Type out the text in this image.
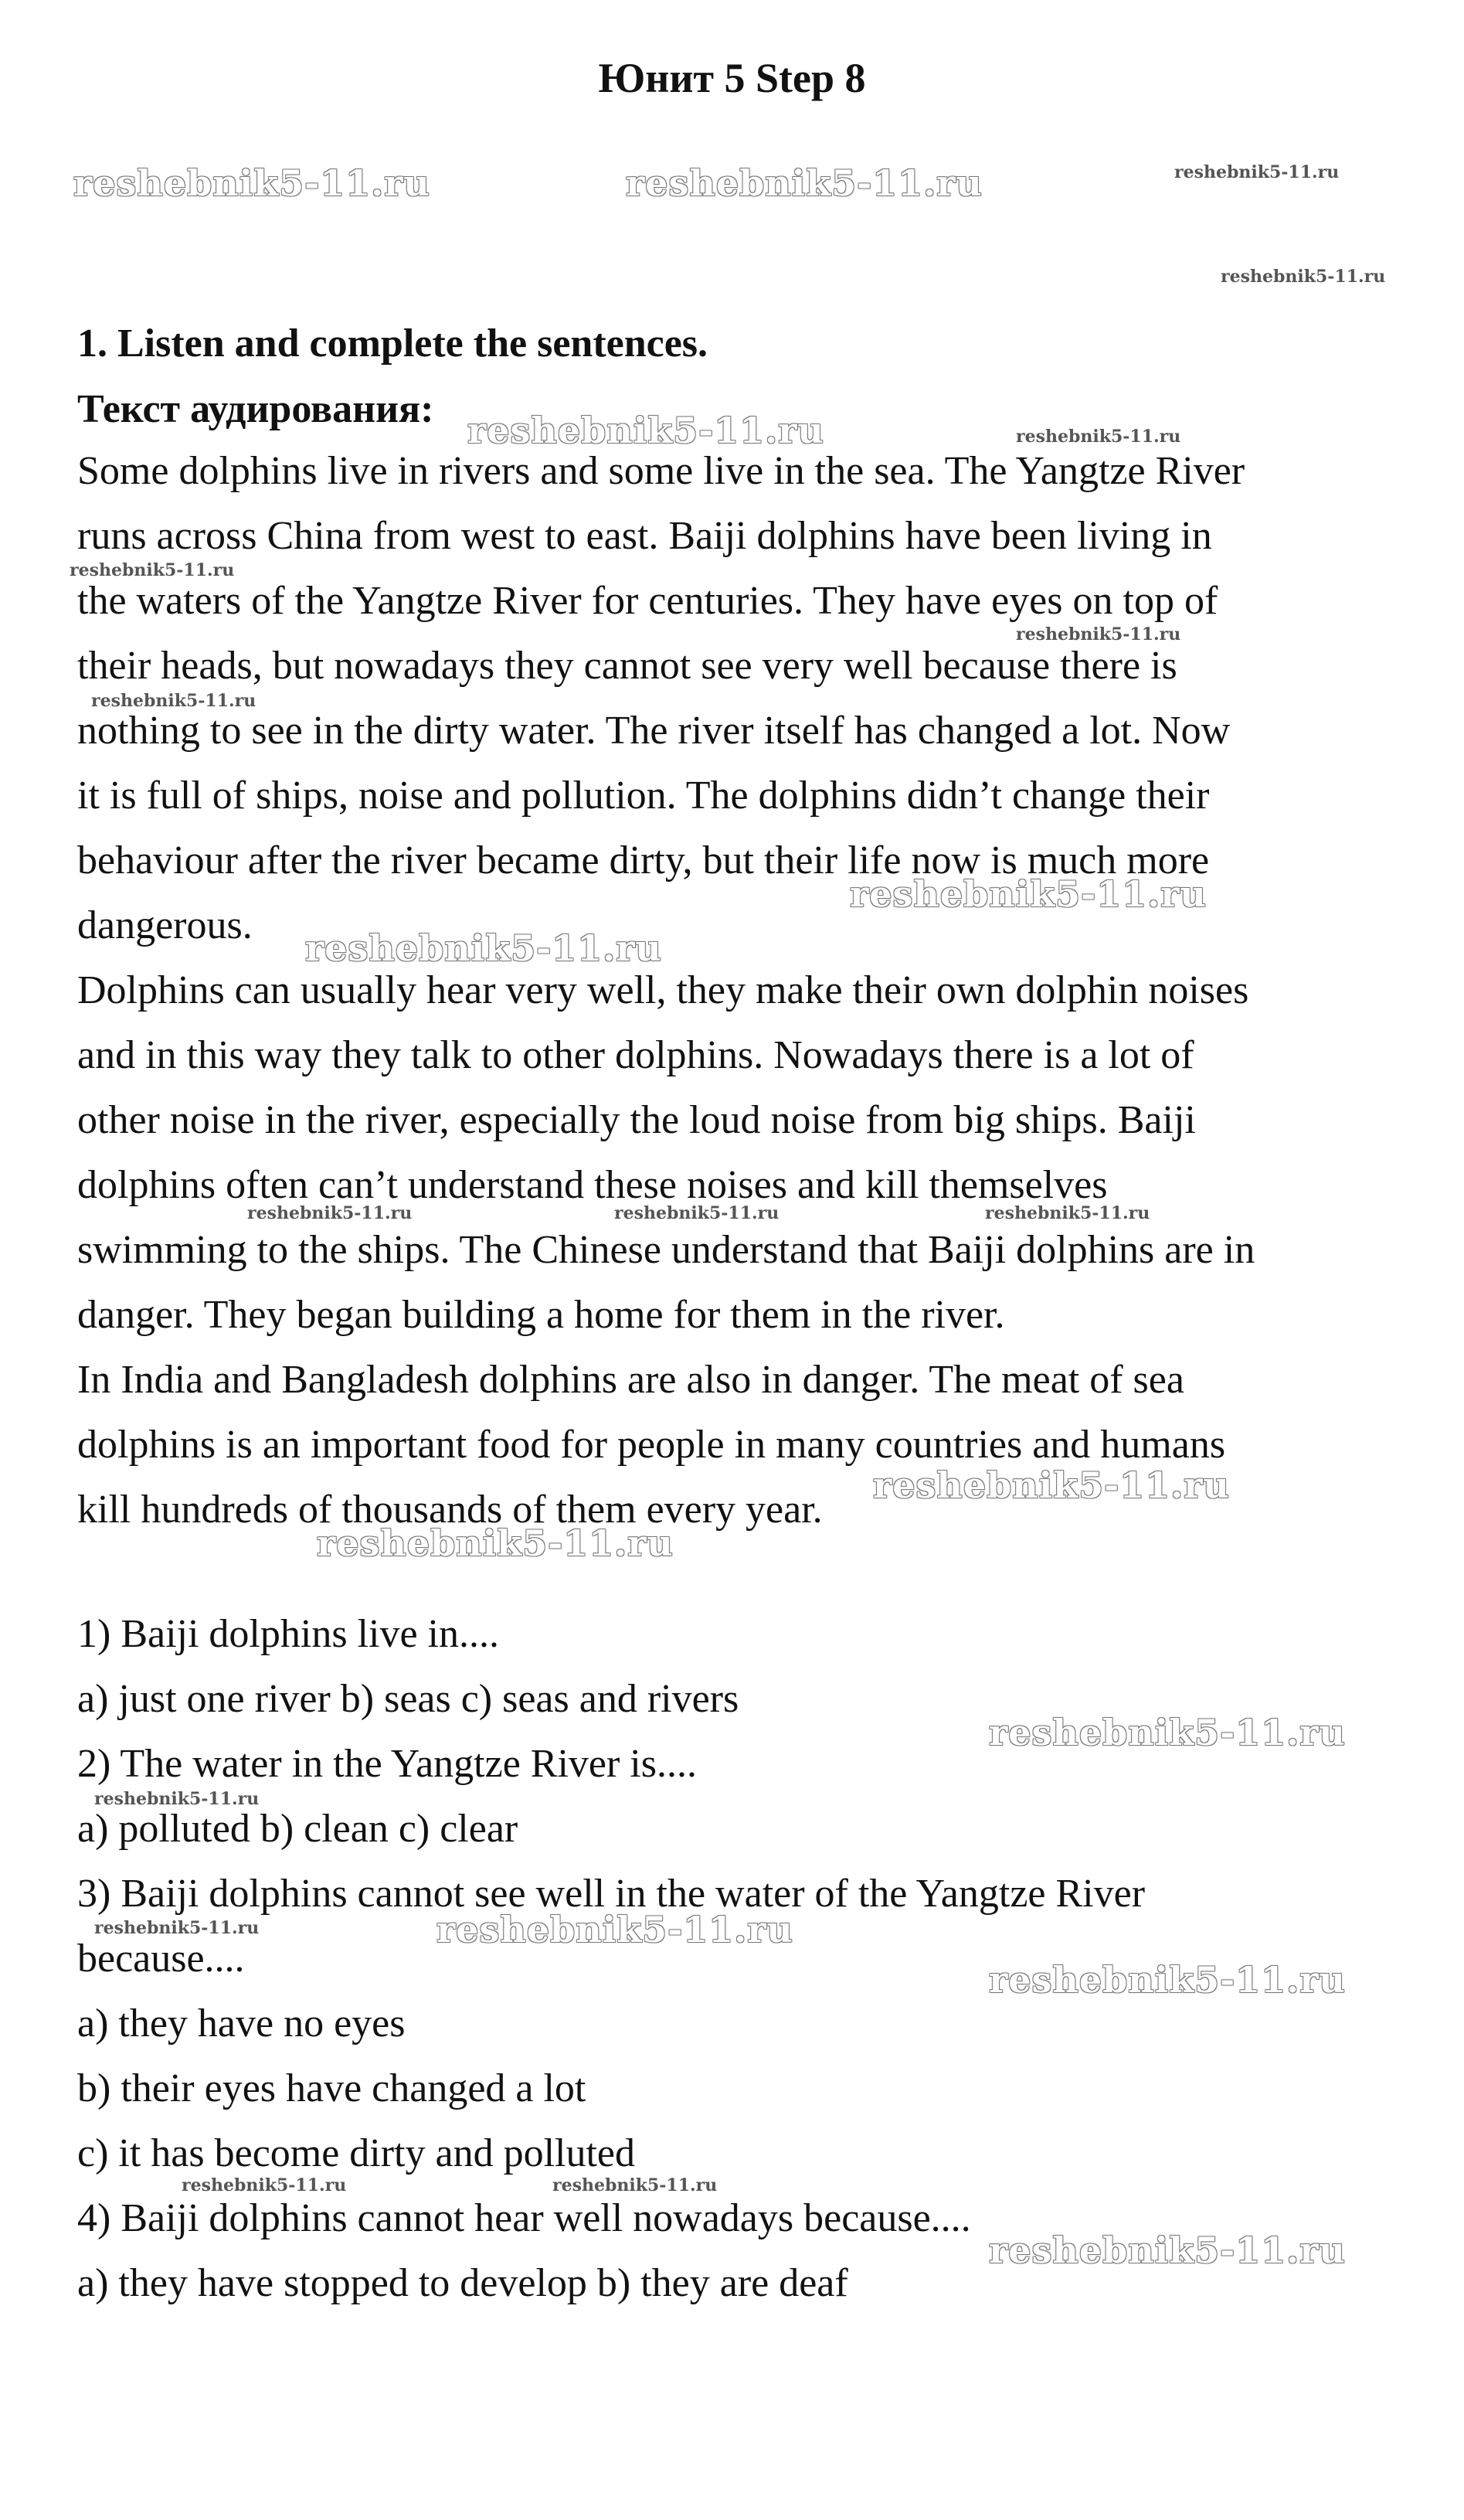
Юнит 5 Step 8
1. Listen and complete the sentences.
Текст аудирования:
Some dolphins live in rivers and some live in the sea. The Yangtze River
runs across China from west to east. Baiji dolphins have been living in
the waters of the Yangtze River for centuries. They have eyes on top of
their heads, but nowadays they cannot see very well because there is
nothing to see in the dirty water. The river itself has changed a lot. Now
it is full of ships, noise and pollution. The dolphins didn’t change their
behaviour after the river became dirty, but their life now is much more
dangerous.
Dolphins can usually hear very well, they make their own dolphin noises
and in this way they talk to other dolphins. Nowadays there is a lot of
other noise in the river, especially the loud noise from big ships. Baiji
dolphins often can’t understand these noises and kill themselves
swimming to the ships. The Chinese understand that Baiji dolphins are in
danger. They began building a home for them in the river.
In India and Bangladesh dolphins are also in danger. The meat of sea
dolphins is an important food for people in many countries and humans
kill hundreds of thousands of them every year.
1) Baiji dolphins live in....
a) just one river b) seas c) seas and rivers
2) The water in the Yangtze River is....
a) polluted b) clean c) clear
3) Baiji dolphins cannot see well in the water of the Yangtze River
because....
a) they have no eyes
b) their eyes have changed a lot
c) it has become dirty and polluted
4) Baiji dolphins cannot hear well nowadays because....
a) they have stopped to develop b) they are deaf
reshebnik5-11.ru	reshebnik5-11.ru	reshebnik5-11.ru
reshebnik5-11.ru
reshebnik5-11.ru	reshebnik5-11.ru
reshebnik5-11.ru
reshebnik5-11.ru
reshebnik5-11.ru
reshebnik5-11.ru
reshebnik5-11.ru
reshebnik5-11.ru	reshebnik5-11.ru	reshebnik5-11.ru
reshebnik5-11.ru
reshebnik5-11.ru
reshebnik5-11.ru
reshebnik5-11.ru
reshebnik5-11.ru
reshebnik5-11.ru
reshebnik5-11.ru
reshebnik5-11.ru	reshebnik5-11.ru
reshebnik5-11.ru
